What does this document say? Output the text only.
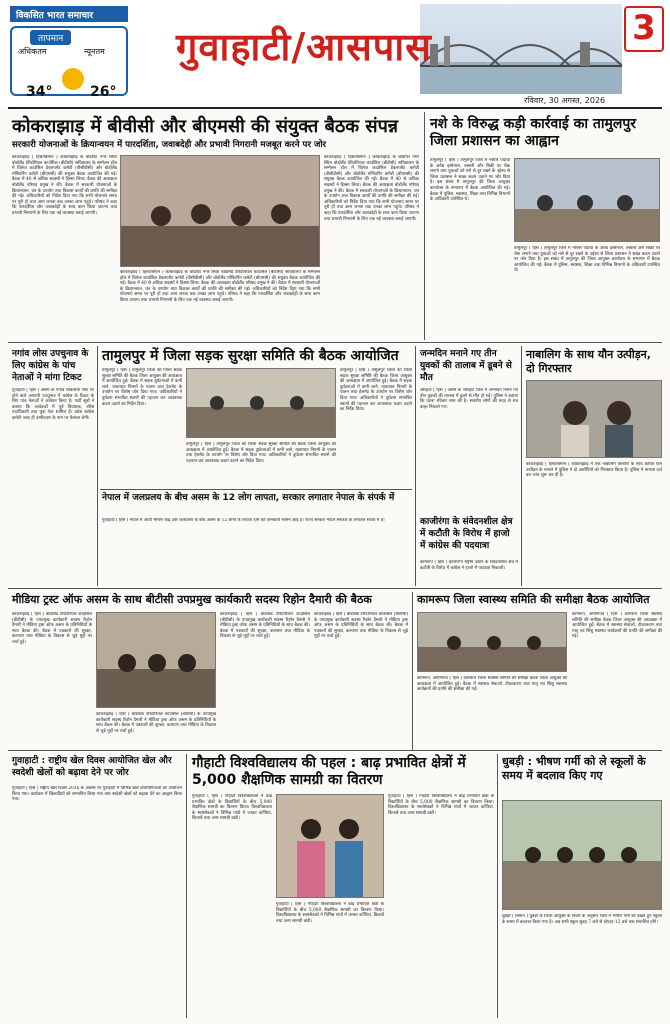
विकसित भारत समाचार
तापमान
अधिकतम	न्यूनतम
34°	26°
गुवाहाटी/आसपास	3
रविवार, 30 अगस्त, 2026
कोकराझाड़ में बीवीसी और बीएमसी की संयुक्त बैठक संपन्न
सरकारी योजनाओं के क्रियान्वयन में पारदर्शिता, जवाबदेही और प्रभावी निगरानी मजबूत करने पर जोर
कोकराझाड़ ( हिंस/बिमान ) कोकराझाड़ के बोडोफा नगर स्थित बोडोलैंड टेरिटोरियल काउंसिल (बीटीसी) सचिवालय के सम्मेलन हॉल में विलेज काउंसिल डेवलपमेंट कमेटी (वीसीडीसी) और बोडोलैंड मॉनिटरिंग कमेटी (बीएमसी) की संयुक्त बैठक आयोजित की गई। बैठक में 40 से अधिक सदस्यों ने हिस्सा लिया। बैठक की अध्यक्षता बोडोलैंड परिषद प्रमुख ने की। बैठक में सरकारी योजनाओं के क्रियान्वयन, धन के उपयोग तथा विकास कार्यों की प्रगति की समीक्षा की गई। अधिकारियों को निर्देश दिया गया कि सभी योजनाएं समय पर पूरी हों तथा आम जनता तक उनका लाभ पहुंचे। परिषद ने कहा कि पारदर्शिता और जवाबदेही के साथ काम किया जाएगा तथा प्रभावी निगरानी के लिए एक नई व्यवस्था बनाई जाएगी।
कोकराझाड़ ( हिंस/बिमान ) कोकराझाड़ के बोडोफा नगर स्थित बोडोलैंड टेरिटोरियल काउंसिल (बीटीसी) सचिवालय के सम्मेलन हॉल में विलेज काउंसिल डेवलपमेंट कमेटी (वीसीडीसी) और बोडोलैंड मॉनिटरिंग कमेटी (बीएमसी) की संयुक्त बैठक आयोजित की गई। बैठक में 40 से अधिक सदस्यों ने हिस्सा लिया। बैठक की अध्यक्षता बोडोलैंड परिषद प्रमुख ने की। बैठक में सरकारी योजनाओं के क्रियान्वयन, धन के उपयोग तथा विकास कार्यों की प्रगति की समीक्षा की गई। अधिकारियों को निर्देश दिया गया कि सभी योजनाएं समय पर पूरी हों तथा आम जनता तक उनका लाभ पहुंचे। परिषद ने कहा कि पारदर्शिता और जवाबदेही के साथ काम किया जाएगा तथा प्रभावी निगरानी के लिए एक नई व्यवस्था बनाई जाएगी।
कोकराझाड़ ( हिंस/बिमान ) कोकराझाड़ के बोडोफा नगर स्थित बोडोलैंड टेरिटोरियल काउंसिल (बीटीसी) सचिवालय के सम्मेलन हॉल में विलेज काउंसिल डेवलपमेंट कमेटी (वीसीडीसी) और बोडोलैंड मॉनिटरिंग कमेटी (बीएमसी) की संयुक्त बैठक आयोजित की गई। बैठक में 40 से अधिक सदस्यों ने हिस्सा लिया। बैठक की अध्यक्षता बोडोलैंड परिषद प्रमुख ने की। बैठक में सरकारी योजनाओं के क्रियान्वयन, धन के उपयोग तथा विकास कार्यों की प्रगति की समीक्षा की गई। अधिकारियों को निर्देश दिया गया कि सभी योजनाएं समय पर पूरी हों तथा आम जनता तक उनका लाभ पहुंचे। परिषद ने कहा कि पारदर्शिता और जवाबदेही के साथ काम किया जाएगा तथा प्रभावी निगरानी के लिए एक नई व्यवस्था बनाई जाएगी।
नशे के विरुद्ध कड़ी कार्रवाई का तामुलपुर जिला प्रशासन का आह्वान
तामुलपुर ( हिंस ) तामुलपुर जिले में नशीले पदार्थों के अवैध इस्तेमाल, तस्करी और बिक्री पर रोक लगाने तथा युवाओं को नशे से दूर रखने के उद्देश्य से जिला प्रशासन ने सख्त कदम उठाने पर जोर दिया है। इस संबंध में तामुलपुर की जिला आयुक्त कार्यालय के सभागार में बैठक आयोजित की गई। बैठक में पुलिस, स्वास्थ्य, शिक्षा तथा विभिन्न विभागों के अधिकारी उपस्थित थे।
तामुलपुर ( हिंस ) तामुलपुर जिले में नशीले पदार्थों के अवैध इस्तेमाल, तस्करी और बिक्री पर रोक लगाने तथा युवाओं को नशे से दूर रखने के उद्देश्य से जिला प्रशासन ने सख्त कदम उठाने पर जोर दिया है। इस संबंध में तामुलपुर की जिला आयुक्त कार्यालय के सभागार में बैठक आयोजित की गई। बैठक में पुलिस, स्वास्थ्य, शिक्षा तथा विभिन्न विभागों के अधिकारी उपस्थित थे।
नगांव लोस उपचुनाव के लिए कांग्रेस के पांच नेताओं ने मांगा टिकट
गुवाहाटी ( हिंस ) असम के नगांव लोकसभा सीट पर होने वाले आगामी उपचुनाव में कांग्रेस के टिकट के लिए पांच नेताओं ने आवेदन किया है। पार्टी सूत्रों ने बताया कि आवेदकों में पूर्व विधायक, वरिष्ठ पदाधिकारी तथा युवा नेता शामिल हैं। प्रदेश कांग्रेस कमेटी जल्द ही उम्मीदवार के नाम पर फैसला लेगी।
तामुलपुर में जिला सड़क सुरक्षा समिति की बैठक आयोजित
तामुलपुर ( हिंस ) तामुलपुर जिला की जिला सड़क सुरक्षा समिति की बैठक जिला आयुक्त की अध्यक्षता में आयोजित हुई। बैठक में सड़क दुर्घटनाओं में कमी लाने, यातायात नियमों के पालन तथा हेलमेट के उपयोग पर विशेष जोर दिया गया। अधिकारियों ने दुर्घटना संभावित स्थानों की पहचान कर आवश्यक कदम उठाने का निर्देश दिया।
तामुलपुर ( हिंस ) तामुलपुर जिला की जिला सड़क सुरक्षा समिति की बैठक जिला आयुक्त की अध्यक्षता में आयोजित हुई। बैठक में सड़क दुर्घटनाओं में कमी लाने, यातायात नियमों के पालन तथा हेलमेट के उपयोग पर विशेष जोर दिया गया। अधिकारियों ने दुर्घटना संभावित स्थानों की पहचान कर आवश्यक कदम उठाने का निर्देश दिया।
तामुलपुर ( हिंस ) तामुलपुर जिला की जिला सड़क सुरक्षा समिति की बैठक जिला आयुक्त की अध्यक्षता में आयोजित हुई। बैठक में सड़क दुर्घटनाओं में कमी लाने, यातायात नियमों के पालन तथा हेलमेट के उपयोग पर विशेष जोर दिया गया। अधिकारियों ने दुर्घटना संभावित स्थानों की पहचान कर आवश्यक कदम उठाने का निर्देश दिया।
जन्मदिन मनाने गए तीन युवकों की तालाब में डूबने से मौत
जोरहाट ( हिंस ) असम के जोरहाट जिले में जन्मदिन मनाने गए तीन युवकों की तालाब में डूबने से मौत हो गई। पुलिस ने बताया कि घटना रविवार शाम की है। स्थानीय लोगों की मदद से शव बाहर निकाले गए।
नाबालिग के साथ यौन उत्पीड़न, दो गिरफ्तार
कोकराझाड़ ( हिंस/बिमान ) कोकराझाड़ में एक नाबालिग किशोरी के साथ कथित यौन उत्पीड़न के मामले में पुलिस ने दो आरोपियों को गिरफ्तार किया है। पुलिस ने मामला दर्ज कर जांच शुरू कर दी है।
नेपाल में जलप्रलय के बीच असम के 12 लोग लापता, सरकार लगातार नेपाल के संपर्क में
गुवाहाटी ( हिंस ) नेपाल में आयी भीषण बाढ़ और जलप्रलय के बीच असम के 12 लोगों के लापता होने की जानकारी सामने आई है। राज्य सरकार नेपाल सरकार के लगातार संपर्क में है।	काजीरंगा के संवेदनशील क्षेत्र में कटौती के विरोध में हाजो में कांग्रेस की पदयात्रा
कामरूप ( हिंस ) काजीरंगा राष्ट्रीय उद्यान के संवेदनशील क्षेत्र में कटौती के विरोध में कांग्रेस ने हाजो में पदयात्रा निकाली।
मीडिया ट्रस्ट ऑफ असम के साथ बीटीसी उपप्रमुख कार्यकारी सदस्य रिहोन दैमारी की बैठक
कोकराझाड़ ( हिंस ) बोडोलैंड टेरिटोरियल काउंसिल (बीटीसी) के उपप्रमुख कार्यकारी सदस्य रिहोन दैमारी ने मीडिया ट्रस्ट ऑफ असम के प्रतिनिधियों के साथ बैठक की। बैठक में पत्रकारों की सुरक्षा, कल्याण तथा मीडिया के विकास से जुड़े मुद्दों पर चर्चा हुई।
कोकराझाड़ ( हिंस ) बोडोलैंड टेरिटोरियल काउंसिल (बीटीसी) के उपप्रमुख कार्यकारी सदस्य रिहोन दैमारी ने मीडिया ट्रस्ट ऑफ असम के प्रतिनिधियों के साथ बैठक की। बैठक में पत्रकारों की सुरक्षा, कल्याण तथा मीडिया के विकास से जुड़े मुद्दों पर चर्चा हुई।
कोकराझाड़ ( हिंस ) बोडोलैंड टेरिटोरियल काउंसिल (बीटीसी) के उपप्रमुख कार्यकारी सदस्य रिहोन दैमारी ने मीडिया ट्रस्ट ऑफ असम के प्रतिनिधियों के साथ बैठक की। बैठक में पत्रकारों की सुरक्षा, कल्याण तथा मीडिया के विकास से जुड़े मुद्दों पर चर्चा हुई।
कोकराझाड़ ( हिंस ) बोडोलैंड टेरिटोरियल काउंसिल (बीटीसी) के उपप्रमुख कार्यकारी सदस्य रिहोन दैमारी ने मीडिया ट्रस्ट ऑफ असम के प्रतिनिधियों के साथ बैठक की। बैठक में पत्रकारों की सुरक्षा, कल्याण तथा मीडिया के विकास से जुड़े मुद्दों पर चर्चा हुई।
कामरूप जिला स्वास्थ्य समिति की समीक्षा बैठक आयोजित
कामरूप, अमीनगांव ( हिंस ) कामरूप जिला स्वास्थ्य समिति की समीक्षा बैठक जिला आयुक्त की अध्यक्षता में आयोजित हुई। बैठक में स्वास्थ्य सेवाओं, टीकाकरण तथा मातृ एवं शिशु स्वास्थ्य कार्यक्रमों की प्रगति की समीक्षा की गई।
कामरूप, अमीनगांव ( हिंस ) कामरूप जिला स्वास्थ्य समिति की समीक्षा बैठक जिला आयुक्त की अध्यक्षता में आयोजित हुई। बैठक में स्वास्थ्य सेवाओं, टीकाकरण तथा मातृ एवं शिशु स्वास्थ्य कार्यक्रमों की प्रगति की समीक्षा की गई।
गुवाहाटी : राष्ट्रीय खेल दिवस आयोजित खेल और स्वदेशी खेलों को बढ़ावा देने पर जोर
गुवाहाटी ( हिंस ) राष्ट्रीय खेल दिवस 2026 के अवसर पर गुवाहाटी में विभिन्न खेल प्रतियोगिताओं का आयोजन किया गया। कार्यक्रम में खिलाड़ियों को सम्मानित किया गया तथा स्वदेशी खेलों को बढ़ावा देने का आह्वान किया गया।
गौहाटी विश्वविद्यालय की पहल : बाढ़ प्रभावित क्षेत्रों में 5,000 शैक्षणिक सामग्री का वितरण
गुवाहाटी ( हिंस ) गौहाटी विश्वविद्यालय ने बाढ़ प्रभावित क्षेत्रों के विद्यार्थियों के बीच 5,000 शैक्षणिक सामग्री का वितरण किया। विश्वविद्यालय के स्वयंसेवकों ने विभिन्न गांवों में जाकर कॉपियां, किताबें तथा अन्य सामग्री बांटी।
गुवाहाटी ( हिंस ) गौहाटी विश्वविद्यालय ने बाढ़ प्रभावित क्षेत्रों के विद्यार्थियों के बीच 5,000 शैक्षणिक सामग्री का वितरण किया। विश्वविद्यालय के स्वयंसेवकों ने विभिन्न गांवों में जाकर कॉपियां, किताबें तथा अन्य सामग्री बांटी।
गुवाहाटी ( हिंस ) गौहाटी विश्वविद्यालय ने बाढ़ प्रभावित क्षेत्रों के विद्यार्थियों के बीच 5,000 शैक्षणिक सामग्री का वितरण किया। विश्वविद्यालय के स्वयंसेवकों ने विभिन्न गांवों में जाकर कॉपियां, किताबें तथा अन्य सामग्री बांटी।
धुबड़ी : भीषण गर्मी को ले स्कूलों के समय में बदलाव किए गए
धुबड़ी ( बिमान ) धुबड़ी के जिला आयुक्त के निर्देश के अनुसार जिले में भीषण गर्मी को देखते हुए स्कूलों के समय में बदलाव किया गया है। अब सभी स्कूल सुबह 7 बजे से दोपहर 12 बजे तक संचालित होंगे।
